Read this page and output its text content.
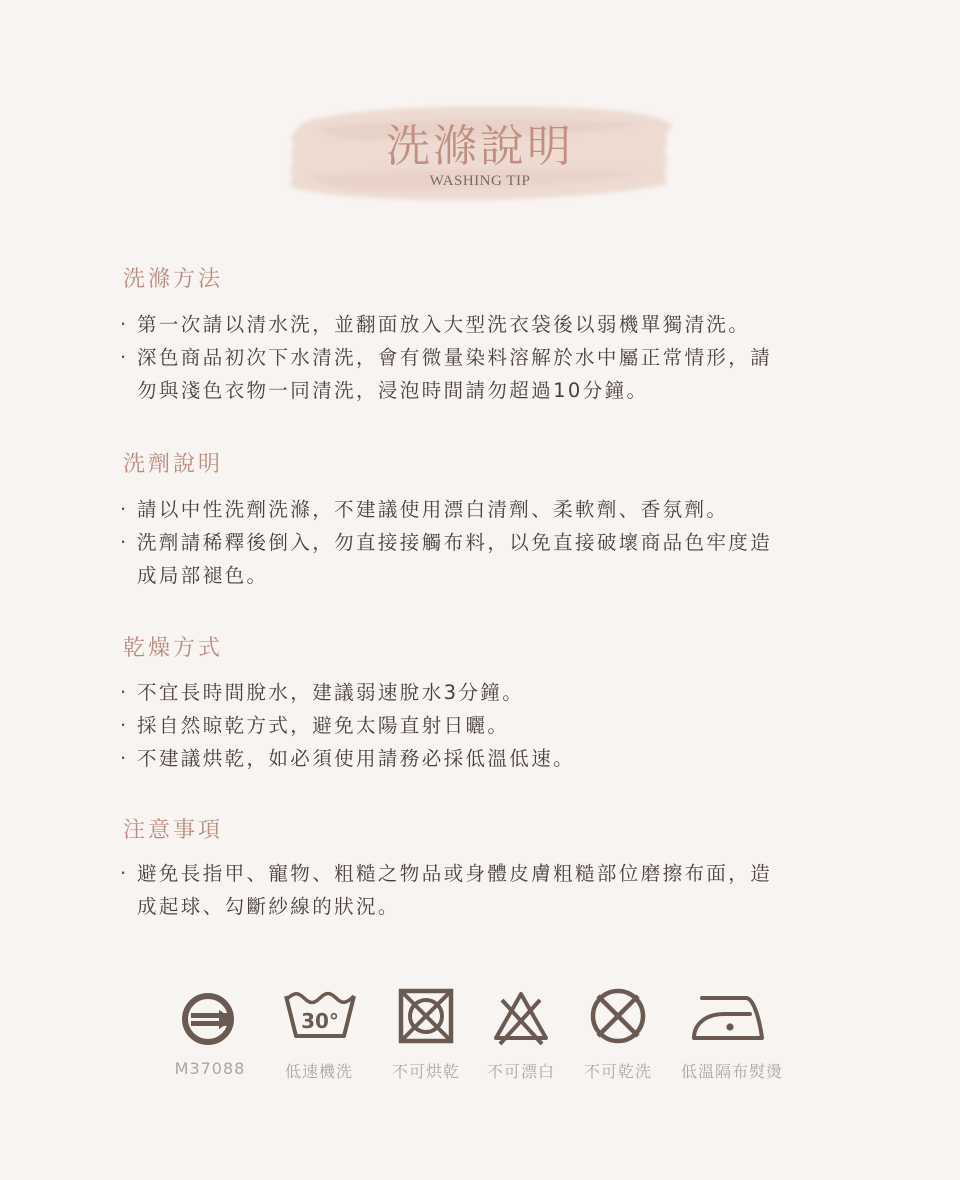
洗滌說明
WASHING TIP
洗滌方法
‧ 第一次請以清水洗，並翻面放入大型洗衣袋後以弱機單獨清洗。
‧ 深色商品初次下水清洗，會有微量染料溶解於水中屬正常情形，請
勿與淺色衣物一同清洗，浸泡時間請勿超過10分鐘。
洗劑說明
‧ 請以中性洗劑洗滌，不建議使用漂白清劑、柔軟劑、香氛劑。
‧ 洗劑請稀釋後倒入，勿直接接觸布料，以免直接破壞商品色牢度造
成局部褪色。
乾燥方式
‧ 不宜長時間脫水，建議弱速脫水3分鐘。
‧ 採自然晾乾方式，避免太陽直射日曬。
‧ 不建議烘乾，如必須使用請務必採低溫低速。
注意事項
‧ 避免長指甲、寵物、粗糙之物品或身體皮膚粗糙部位磨擦布面，造
成起球、勾斷紗線的狀況。
M37088
30°
低速機洗	不可烘乾	不可漂白	不可乾洗	低溫隔布熨燙
